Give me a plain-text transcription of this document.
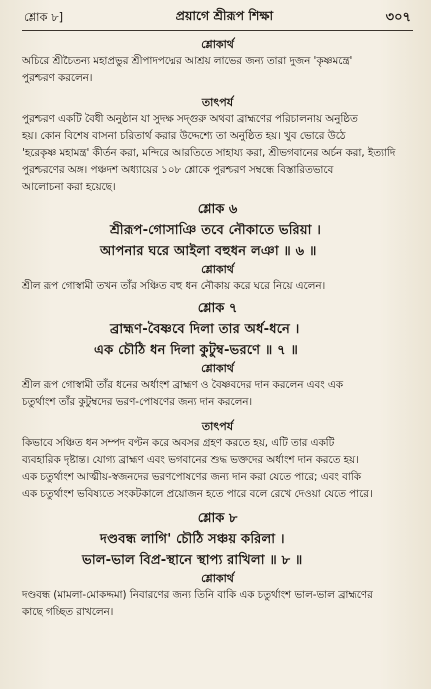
শ্লোক ৮]	প্রয়াগে শ্রীরূপ শিক্ষা	৩০৭

শ্লোকার্থ

অচিরে শ্রীচৈতন্য মহাপ্রভুর শ্রীপাদপদ্মের আশ্রয় লাভের জন্য তারা দুজন 'কৃষ্ণমন্ত্রে'

পুরশ্চরণ করলেন।

তাৎপর্য

পুরশ্চরণ একটি বৈধী অনুষ্ঠান যা সুদক্ষ সদ্গুরু অথবা ব্রাহ্মণের পরিচালনায় অনুষ্ঠিত

হয়। কোন বিশেষ বাসনা চরিতার্থ করার উদ্দেশ্যে তা অনুষ্ঠিত হয়। খুব ভোরে উঠে

'হরেকৃষ্ণ মহামন্ত্র' কীর্তন করা, মন্দিরে আরতিতে সাহায্য করা, শ্রীভগবানের অর্চন করা, ইত্যাদি

পুরশ্চরণের অঙ্গ। পঞ্চদশ অধ্যায়ের ১০৮ শ্লোকে পুরশ্চরণ সম্বন্ধে বিস্তারিতভাবে

আলোচনা করা হয়েছে।

শ্লোক ৬

শ্রীরূপ-গোসাঞি তবে নৌকাতে ভরিয়া ।

আপনার ঘরে আইলা বহুধন লঞা ॥ ৬ ॥

শ্লোকার্থ

শ্রীল রূপ গোস্বামী তখন তাঁর সঞ্চিত বহু ধন নৌকায় করে ঘরে নিয়ে এলেন।

শ্লোক ৭

ব্রাহ্মণ-বৈষ্ণবে দিলা তার অর্ধ-ধনে ।

এক চৌঠি ধন দিলা কুটুম্ব-ভরণে ॥ ৭ ॥

শ্লোকার্থ

শ্রীল রূপ গোস্বামী তাঁর ধনের অর্ধাংশ ব্রাহ্মণ ও বৈষ্ণবদের দান করলেন এবং এক

চতুর্থাংশ তাঁর কুটুম্বদের ভরণ-পোষণের জন্য দান করলেন।

তাৎপর্য

কিভাবে সঞ্চিত ধন সম্পদ বণ্টন করে অবসর গ্রহণ করতে হয়, এটি তার একটি

ব্যবহারিক দৃষ্টান্ত। যোগ্য ব্রাহ্মণ এবং ভগবানের শুদ্ধ ভক্তদের অর্ধাংশ দান করতে হয়।

এক চতুর্থাংশ আত্মীয়-স্বজনদের ভরণপোষণের জন্য দান করা যেতে পারে; এবং বাকি

এক চতুর্থাংশ ভবিষ্যতে সংকটকালে প্রয়োজন হতে পারে বলে রেখে দেওয়া যেতে পারে।

শ্লোক ৮

দণ্ডবন্ধ লাগি' চৌঠি সঞ্চয় করিলা ।

ভাল-ভাল বিপ্র-স্থানে স্থাপ্য রাখিলা ॥ ৮ ॥

শ্লোকার্থ

দণ্ডবন্ধ (মামলা-মোকদ্দমা) নিবারণের জন্য তিনি বাকি এক চতুর্থাংশ ভাল-ভাল ব্রাহ্মণের

কাছে গচ্ছিত রাখলেন।
